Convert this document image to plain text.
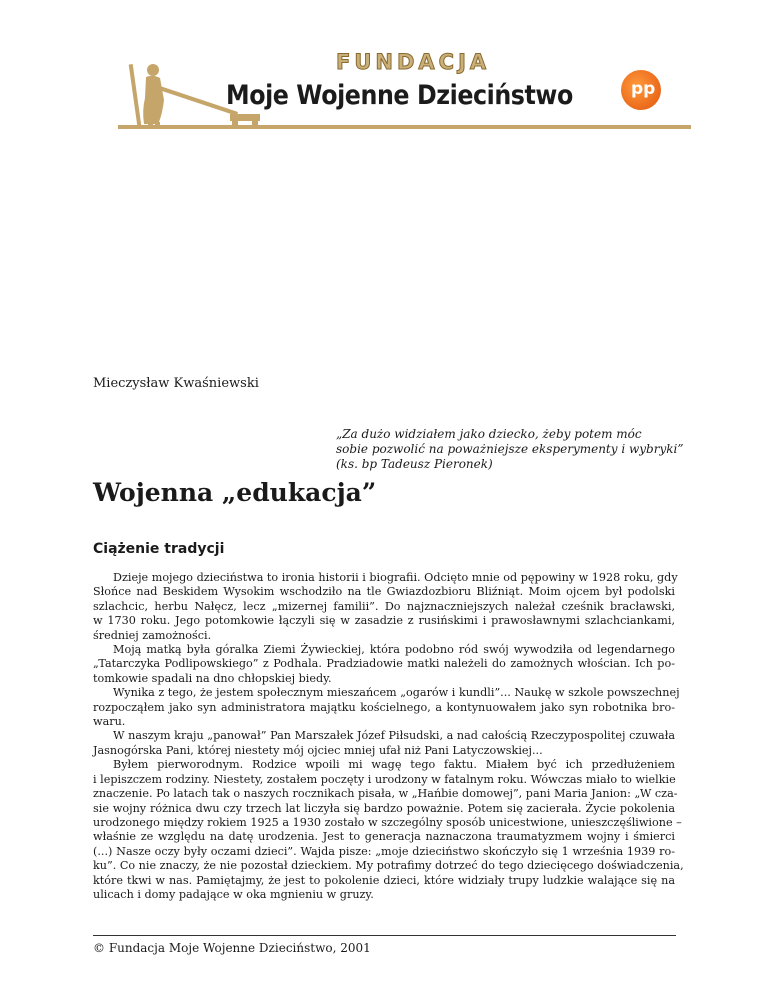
FUNDACJA
Moje Wojenne Dzieciństwo	pp
Mieczysław Kwaśniewski
„Za dużo widziałem jako dziecko, żeby potem móc
sobie pozwolić na poważniejsze eksperymenty i wybryki”
(ks. bp Tadeusz Pieronek)
Wojenna „edukacja”
Ciążenie tradycji
Dzieje mojego dzieciństwa to ironia historii i biografii. Odcięto mnie od pępowiny w 1928 roku, gdy
Słońce nad Beskidem Wysokim wschodziło na tle Gwiazdozbioru Bliźniąt. Moim ojcem był podolski
szlachcic, herbu Nałęcz, lecz „mizernej familii”. Do najznaczniejszych należał cześnik bracławski,
w 1730 roku. Jego potomkowie łączyli się w zasadzie z rusińskimi i prawosławnymi szlachciankami,
średniej zamożności.
Moją matką była góralka Ziemi Żywieckiej, która podobno ród swój wywodziła od legendarnego
„Tatarczyka Podlipowskiego” z Podhala. Pradziadowie matki należeli do zamożnych włościan. Ich po-
tomkowie spadali na dno chłopskiej biedy.
Wynika z tego, że jestem społecznym mieszańcem „ogarów i kundli”... Naukę w szkole powszechnej
rozpocząłem jako syn administratora majątku kościelnego, a kontynuowałem jako syn robotnika bro-
waru.
W naszym kraju „panował” Pan Marszałek Józef Piłsudski, a nad całością Rzeczypospolitej czuwała
Jasnogórska Pani, której niestety mój ojciec mniej ufał niż Pani Latyczowskiej...
Byłem pierworodnym. Rodzice wpoili mi wagę tego faktu. Miałem być ich przedłużeniem
i lepiszczem rodziny. Niestety, zostałem poczęty i urodzony w fatalnym roku. Wówczas miało to wielkie
znaczenie. Po latach tak o naszych rocznikach pisała, w „Hańbie domowej”, pani Maria Janion: „W cza-
sie wojny różnica dwu czy trzech lat liczyła się bardzo poważnie. Potem się zacierała. Życie pokolenia
urodzonego między rokiem 1925 a 1930 zostało w szczególny sposób unicestwione, unieszczęśliwione –
właśnie ze względu na datę urodzenia. Jest to generacja naznaczona traumatyzmem wojny i śmierci
(...) Nasze oczy były oczami dzieci”. Wajda pisze: „moje dzieciństwo skończyło się 1 września 1939 ro-
ku”. Co nie znaczy, że nie pozostał dzieckiem. My potrafimy dotrzeć do tego dziecięcego doświadczenia,
które tkwi w nas. Pamiętajmy, że jest to pokolenie dzieci, które widziały trupy ludzkie walające się na
ulicach i domy padające w oka mgnieniu w gruzy.
© Fundacja Moje Wojenne Dzieciństwo, 2001
